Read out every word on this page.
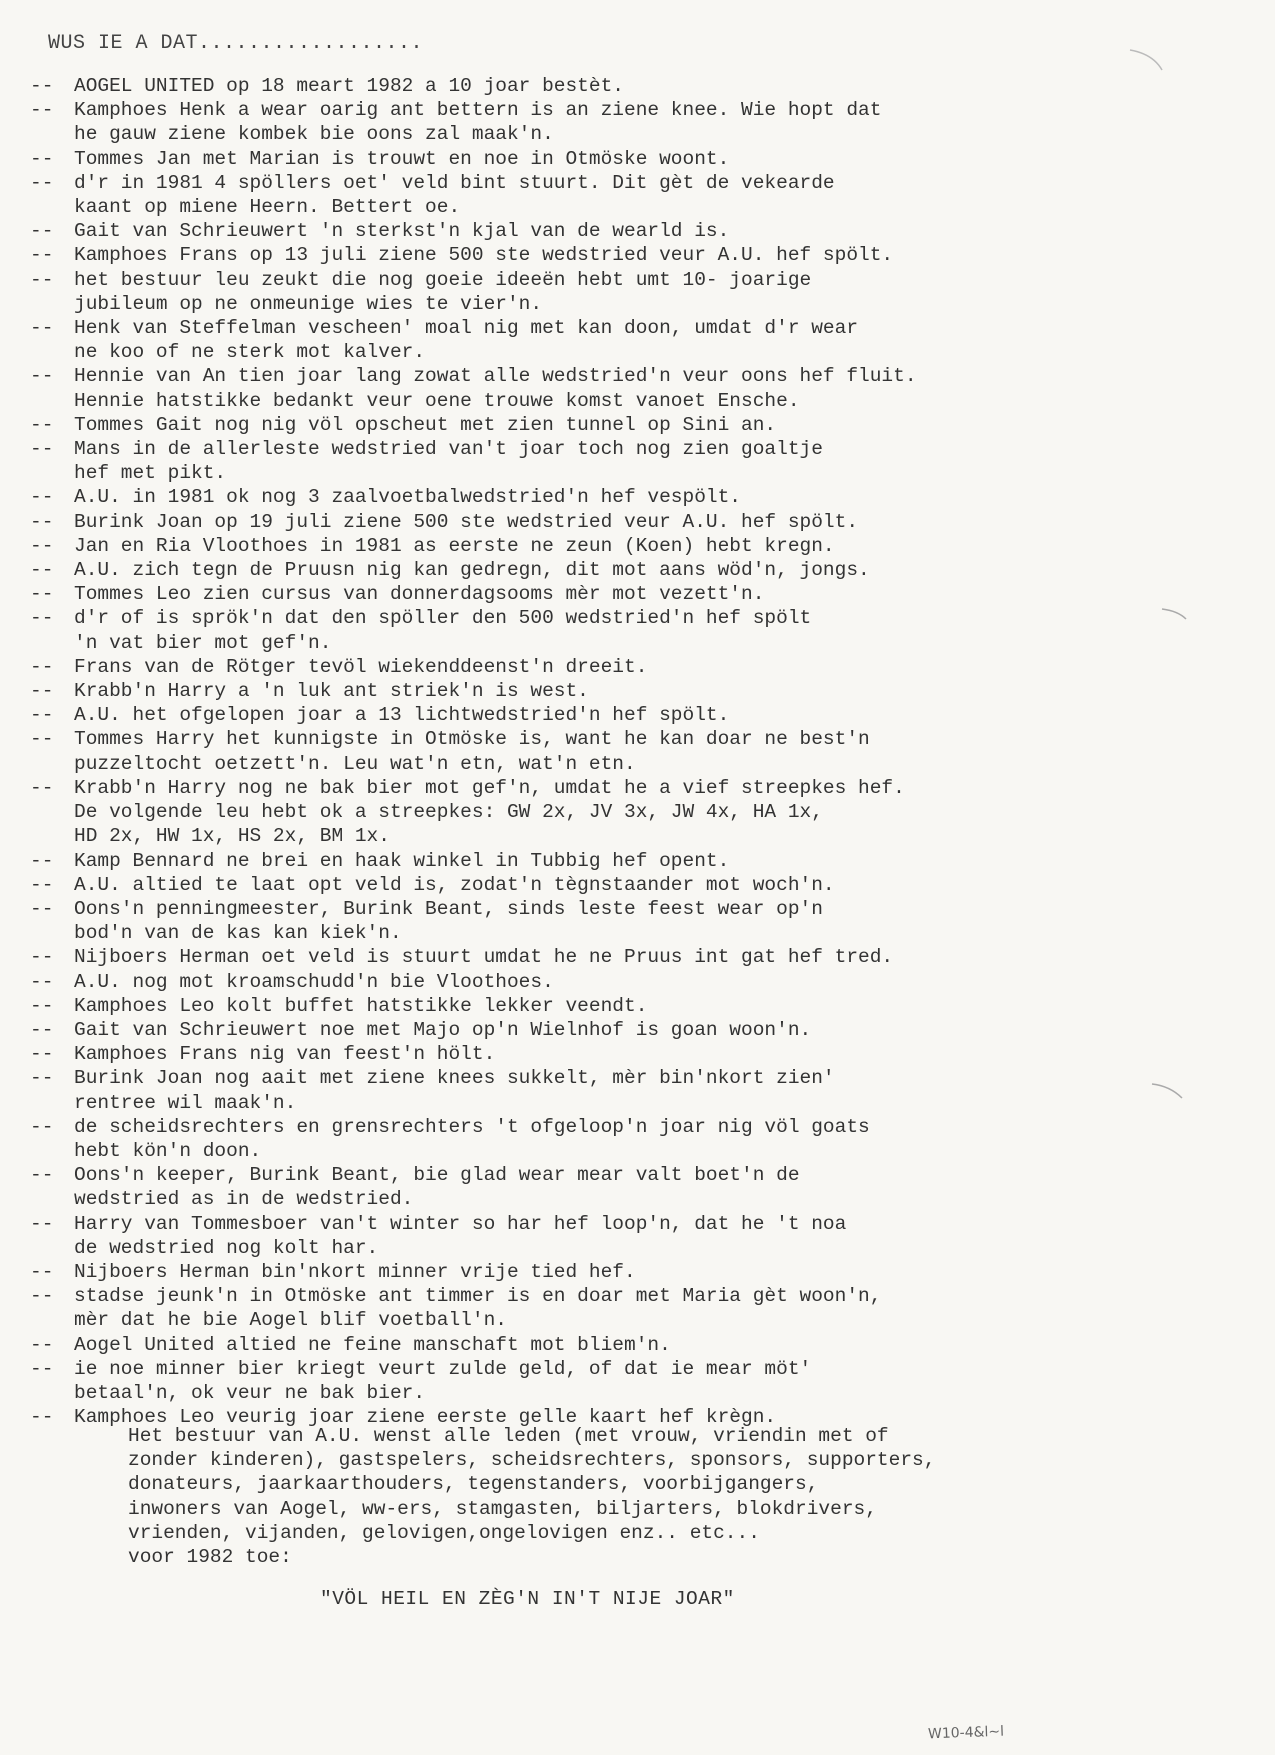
WUS IE A DAT..................
-- AOGEL UNITED op 18 meart 1982 a 10 joar bestèt.
-- Kamphoes Henk a wear oarig ant bettern is an ziene knee. Wie hopt dat
he gauw ziene kombek bie oons zal maak'n.
-- Tommes Jan met Marian is trouwt en noe in Otmöske woont.
-- d'r in 1981 4 spöllers oet' veld bint stuurt. Dit gèt de vekearde
kaant op miene Heern. Bettert oe.
-- Gait van Schrieuwert 'n sterkst'n kjal van de wearld is.
-- Kamphoes Frans op 13 juli ziene 500 ste wedstried veur A.U. hef spölt.
-- het bestuur leu zeukt die nog goeie ideeën hebt umt 10- joarige
jubileum op ne onmeunige wies te vier'n.
-- Henk van Steffelman vescheen' moal nig met kan doon, umdat d'r wear
ne koo of ne sterk mot kalver.
-- Hennie van An tien joar lang zowat alle wedstried'n veur oons hef fluit.
Hennie hatstikke bedankt veur oene trouwe komst vanoet Ensche.
-- Tommes Gait nog nig völ opscheut met zien tunnel op Sini an.
-- Mans in de allerleste wedstried van't joar toch nog zien goaltje
hef met pikt.
-- A.U. in 1981 ok nog 3 zaalvoetbalwedstried'n hef vespölt.
-- Burink Joan op 19 juli ziene 500 ste wedstried veur A.U. hef spölt.
-- Jan en Ria Vloothoes in 1981 as eerste ne zeun (Koen) hebt kregn.
-- A.U. zich tegn de Pruusn nig kan gedregn, dit mot aans wöd'n, jongs.
-- Tommes Leo zien cursus van donnerdagsooms mèr mot vezett'n.
-- d'r of is sprök'n dat den spöller den 500 wedstried'n hef spölt
'n vat bier mot gef'n.
-- Frans van de Rötger tevöl wiekenddeenst'n dreeit.
-- Krabb'n Harry a 'n luk ant striek'n is west.
-- A.U. het ofgelopen joar a 13 lichtwedstried'n hef spölt.
-- Tommes Harry het kunnigste in Otmöske is, want he kan doar ne best'n
puzzeltocht oetzett'n. Leu wat'n etn, wat'n etn.
-- Krabb'n Harry nog ne bak bier mot gef'n, umdat he a vief streepkes hef.
De volgende leu hebt ok a streepkes: GW 2x, JV 3x, JW 4x, HA 1x,
HD 2x, HW 1x, HS 2x, BM 1x.
-- Kamp Bennard ne brei en haak winkel in Tubbig hef opent.
-- A.U. altied te laat opt veld is, zodat'n tègnstaander mot woch'n.
-- Oons'n penningmeester, Burink Beant, sinds leste feest wear op'n
bod'n van de kas kan kiek'n.
-- Nijboers Herman oet veld is stuurt umdat he ne Pruus int gat hef tred.
-- A.U. nog mot kroamschudd'n bie Vloothoes.
-- Kamphoes Leo kolt buffet hatstikke lekker veendt.
-- Gait van Schrieuwert noe met Majo op'n Wielnhof is goan woon'n.
-- Kamphoes Frans nig van feest'n hölt.
-- Burink Joan nog aait met ziene knees sukkelt, mèr bin'nkort zien'
rentree wil maak'n.
-- de scheidsrechters en grensrechters 't ofgeloop'n joar nig völ goats
hebt kön'n doon.
-- Oons'n keeper, Burink Beant, bie glad wear mear valt boet'n de
wedstried as in de wedstried.
-- Harry van Tommesboer van't winter so har hef loop'n, dat he 't noa
de wedstried nog kolt har.
-- Nijboers Herman bin'nkort minner vrije tied hef.
-- stadse jeunk'n in Otmöske ant timmer is en doar met Maria gèt woon'n,
mèr dat he bie Aogel blif voetball'n.
-- Aogel United altied ne feine manschaft mot bliem'n.
-- ie noe minner bier kriegt veurt zulde geld, of dat ie mear möt'
betaal'n, ok veur ne bak bier.
-- Kamphoes Leo veurig joar ziene eerste gelle kaart hef krègn.
Het bestuur van A.U. wenst alle leden (met vrouw, vriendin met of
zonder kinderen), gastspelers, scheidsrechters, sponsors, supporters,
donateurs, jaarkaarthouders, tegenstanders, voorbijgangers,
inwoners van Aogel, ww-ers, stamgasten, biljarters, blokdrivers,
vrienden, vijanden, gelovigen,ongelovigen enz.. etc...
voor 1982 toe:
"VÖL HEIL EN ZÈG'N IN'T NIJE JOAR"
W10-4&l~l
